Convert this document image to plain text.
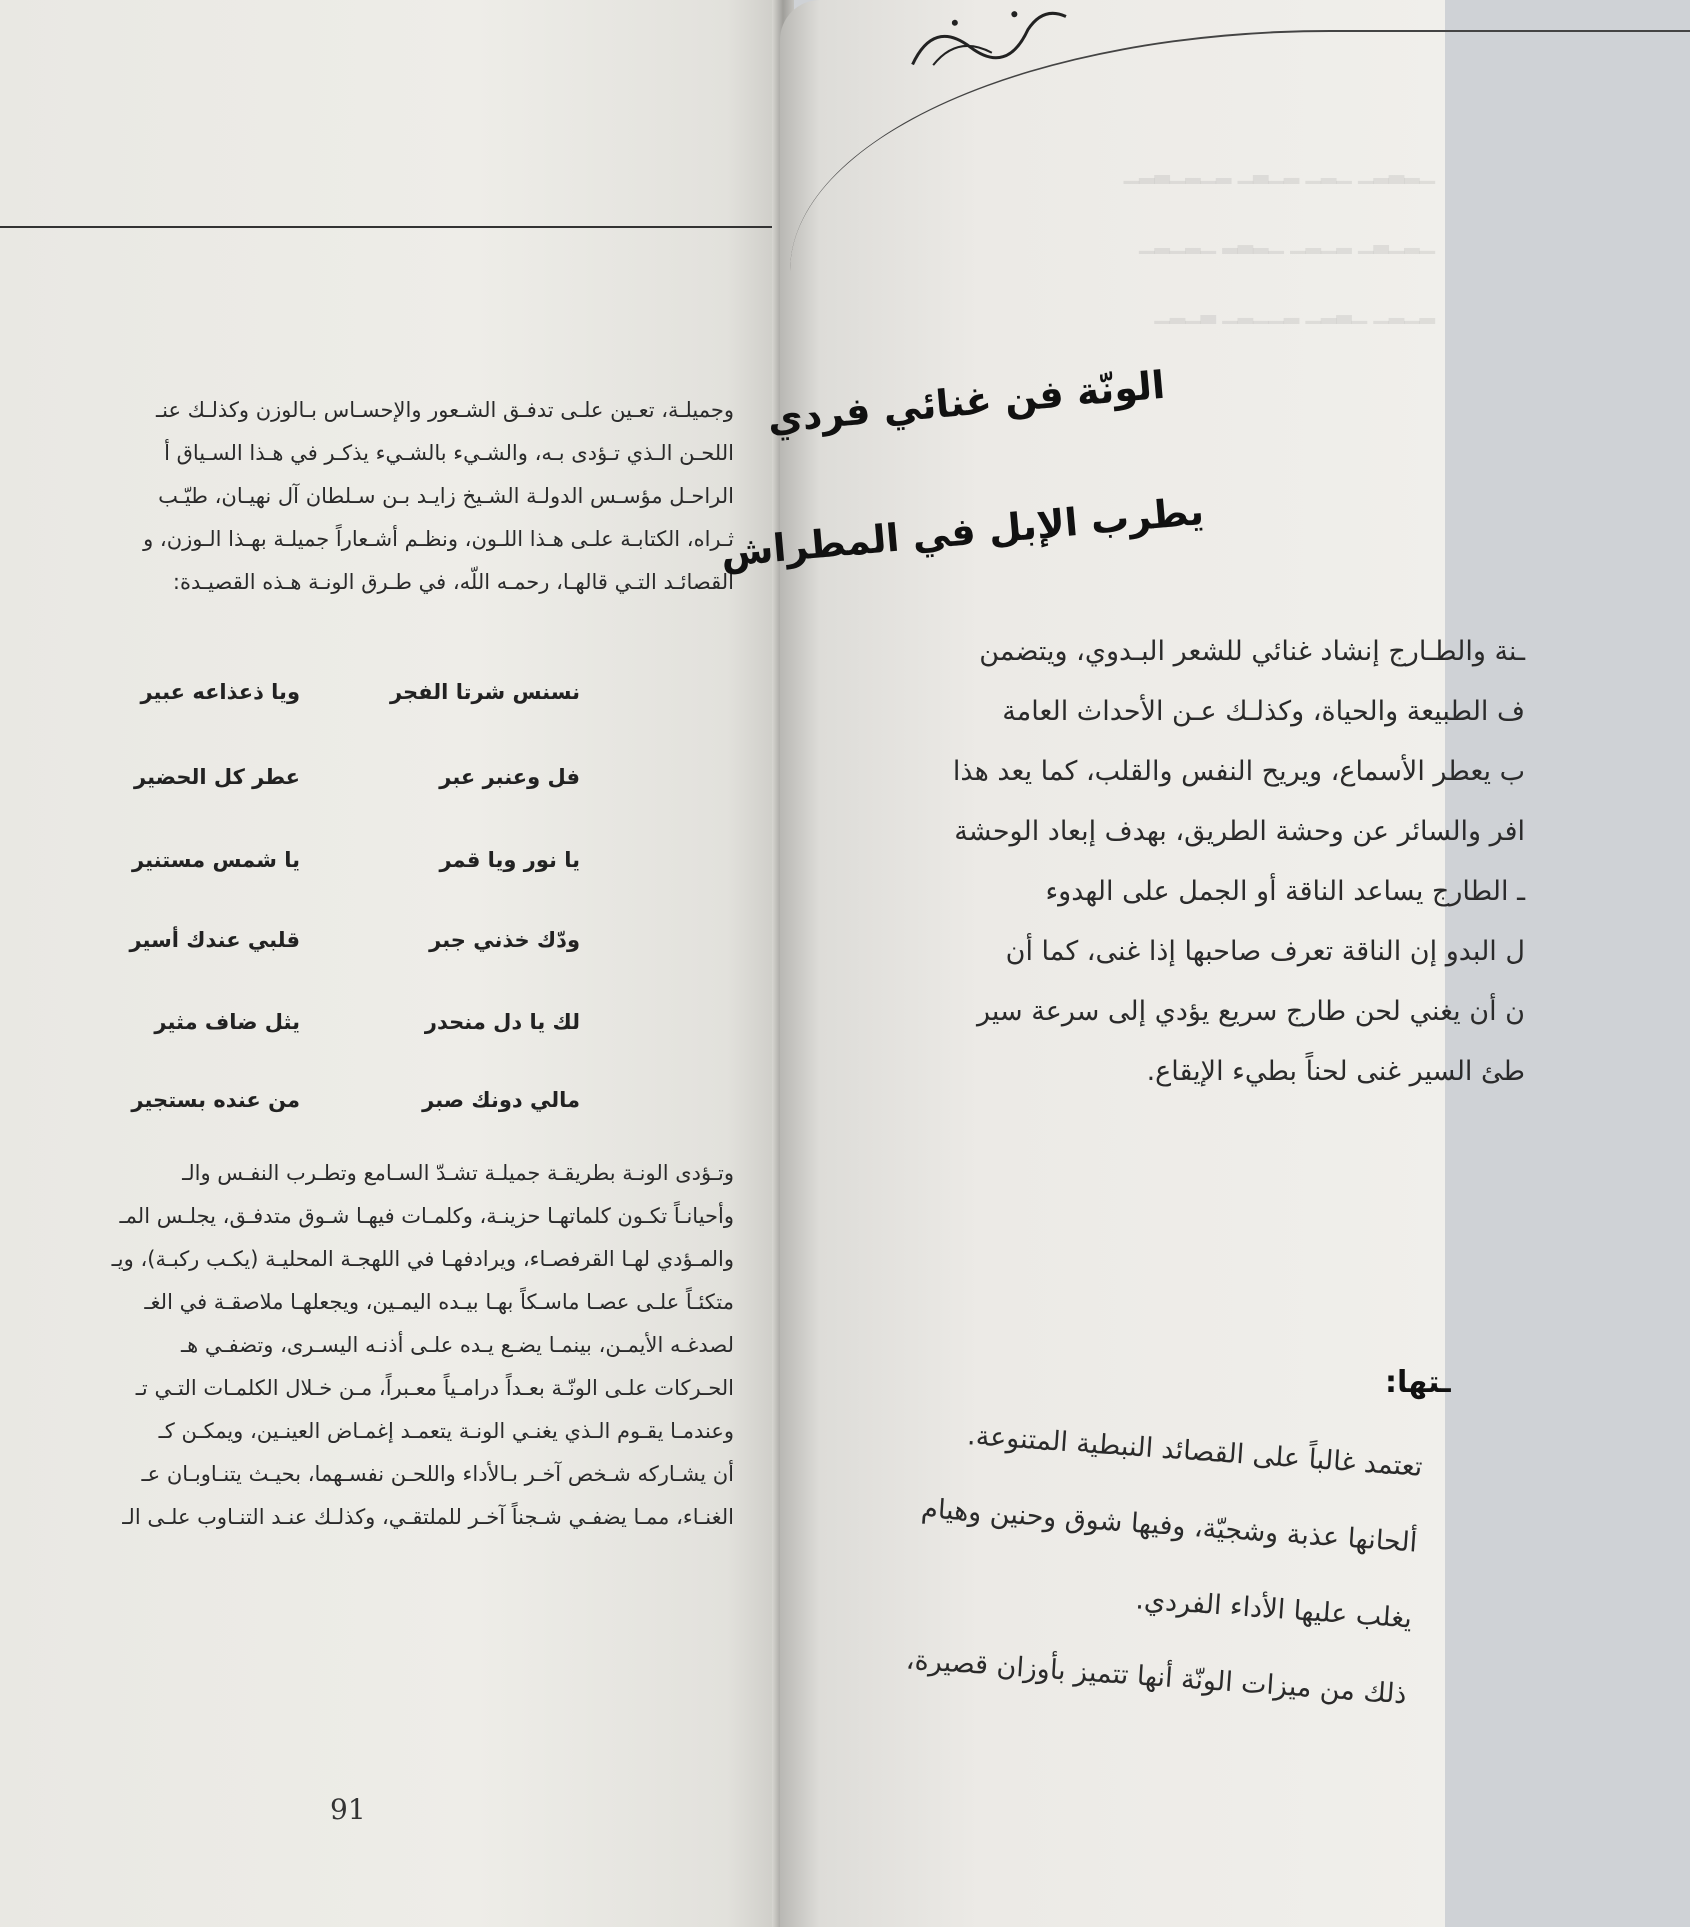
وجميلـة، تعـين علـى تدفـق الشـعور والإحسـاس بـالوزن وكذلـك عنـ
اللحـن الـذي تـؤدى بـه، والشـيء بالشـيء يذكـر في هـذا السـياق أ
الراحـل مؤسـس الدولـة الشـيخ زايـد بـن سـلطان آل نهيـان، طيّـب
ثـراه، الكتابـة علـى هـذا اللـون، ونظـم أشـعاراً جميلـة بهـذا الـوزن، و
القصائـد التـي قالهـا، رحمـه اللّه، في طـرق الونـة هـذه القصيـدة:
نسنس شرتا الفجر
ويا ذعذاعه عبير
فل وعنبر عبر
عطر كل الحضير
يا نور ويا قمر
يا شمس مستنير
ودّك خذني جبر
قلبي عندك أسير
لك يا دل منحدر
يثل ضاف مثير
مالي دونك صبر
من عنده بستجير
وتـؤدى الونـة بطريقـة جميلـة تشـدّ السـامع وتطـرب النفـس والـ
وأحيانـاً تكـون كلماتهـا حزينـة، وكلمـات فيهـا شـوق متدفـق، يجلـس المـ
والمـؤدي لهـا القرفصـاء، ويرادفهـا في اللهجـة المحليـة (يكـب ركبـة)، ويـ
متكئـاً علـى عصـا ماسـكاً بهـا بيـده اليمـين، ويجعلهـا ملاصقـة في الغـ
لصدغـه الأيمـن، بينمـا يضـع يـده علـى أذنـه اليسـرى، وتضفـي هـ
الحـركات علـى الونّـة بعـداً درامـياً معـبراً، مـن خـلال الكلمـات التـي تـ
وعندمـا يقـوم الـذي يغنـي الونـة يتعمـد إغمـاض العينـين، ويمكـن كـ
أن يشـاركه شـخص آخـر بـالأداء واللحـن نفسـهما، بحيـث يتنـاوبـان عـ
الغنـاء، ممـا يضفـي شـجناً آخـر للملتقـي، وكذلـك عنـد التنـاوب علـى الـ
91
▁▂▃▂▁ ▁▂▁ ▂▁▃▁ ▂▁▂▁▃▂▁
▁▂▁▃▁ ▂▁▂▁ ▁▂▃▂ ▁▂▁▂▁
▂▁▂▁ ▁▃▂▁ ▂▁▁▂▁ ▃▁▂▁
الونّة فن غنائي فردي
يطرب الإبل في المطراش
ـنة والطـارج إنشاد غنائي للشعر البـدوي، ويتضمن
ف الطبيعة والحياة، وكذلـك عـن الأحداث العامة
ب يعطر الأسماع، ويريح النفس والقلب، كما يعد هذا
افر والسائر عن وحشة الطريق، بهدف إبعاد الوحشة
ـ الطارج يساعد الناقة أو الجمل على الهدوء
ل البدو إن الناقة تعرف صاحبها إذا غنى، كما أن
ن أن يغني لحن طارج سريع يؤدي إلى سرعة سير
طئ السير غنى لحناً بطيء الإيقاع.
ـتها:
تعتمد غالباً على القصائد النبطية المتنوعة.
ألحانها عذبة وشجيّة، وفيها شوق وحنين وهيام
يغلب عليها الأداء الفردي.
ذلك من ميزات الونّة أنها تتميز بأوزان قصيرة،
